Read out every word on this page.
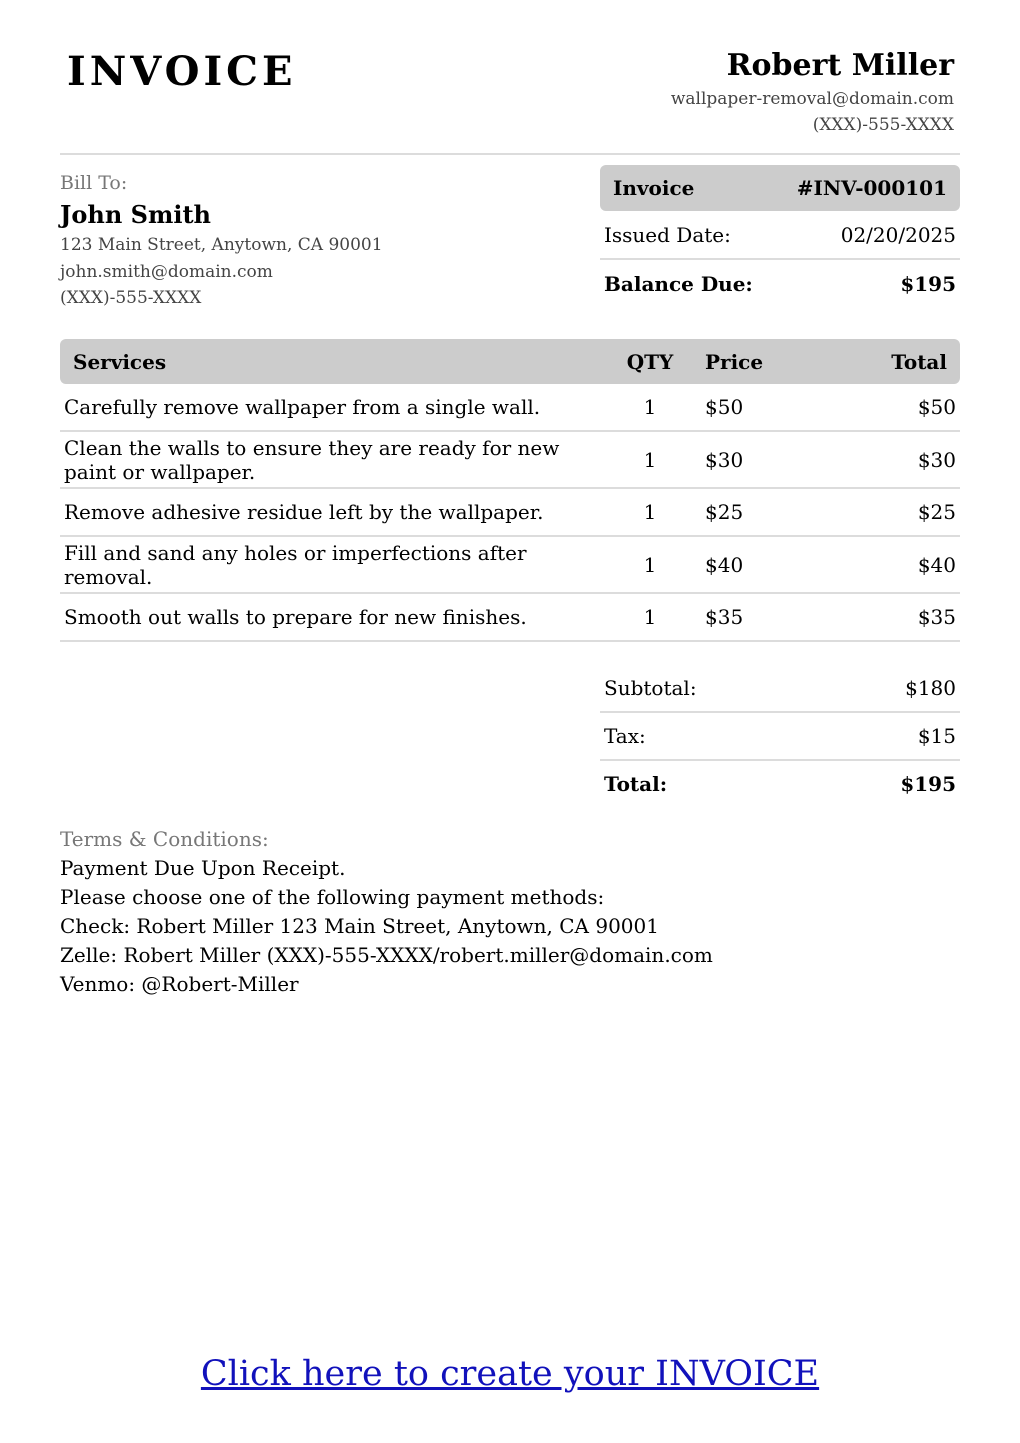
INVOICE	Robert Miller
wallpaper-removal@domain.com
(XXX)-555-XXXX
Bill To:
John Smith
123 Main Street, Anytown, CA 90001
john.smith@domain.com
(XXX)-555-XXXX
Invoice	#INV-000101
Issued Date:	02/20/2025
Balance Due:	$195
Services	QTY	Price	Total
Carefully remove wallpaper from a single wall.	1	$50	$50
Clean the walls to ensure they are ready for new paint or wallpaper.	1	$30	$30
Remove adhesive residue left by the wallpaper.	1	$25	$25
Fill and sand any holes or imperfections after removal.	1	$40	$40
Smooth out walls to prepare for new finishes.	1	$35	$35
Subtotal:	$180
Tax:	$15
Total:	$195
Terms & Conditions:
Payment Due Upon Receipt.
Please choose one of the following payment methods:
Check: Robert Miller 123 Main Street, Anytown, CA 90001
Zelle: Robert Miller (XXX)-555-XXXX/robert.miller@domain.com
Venmo: @Robert-Miller
Click here to create your INVOICE
